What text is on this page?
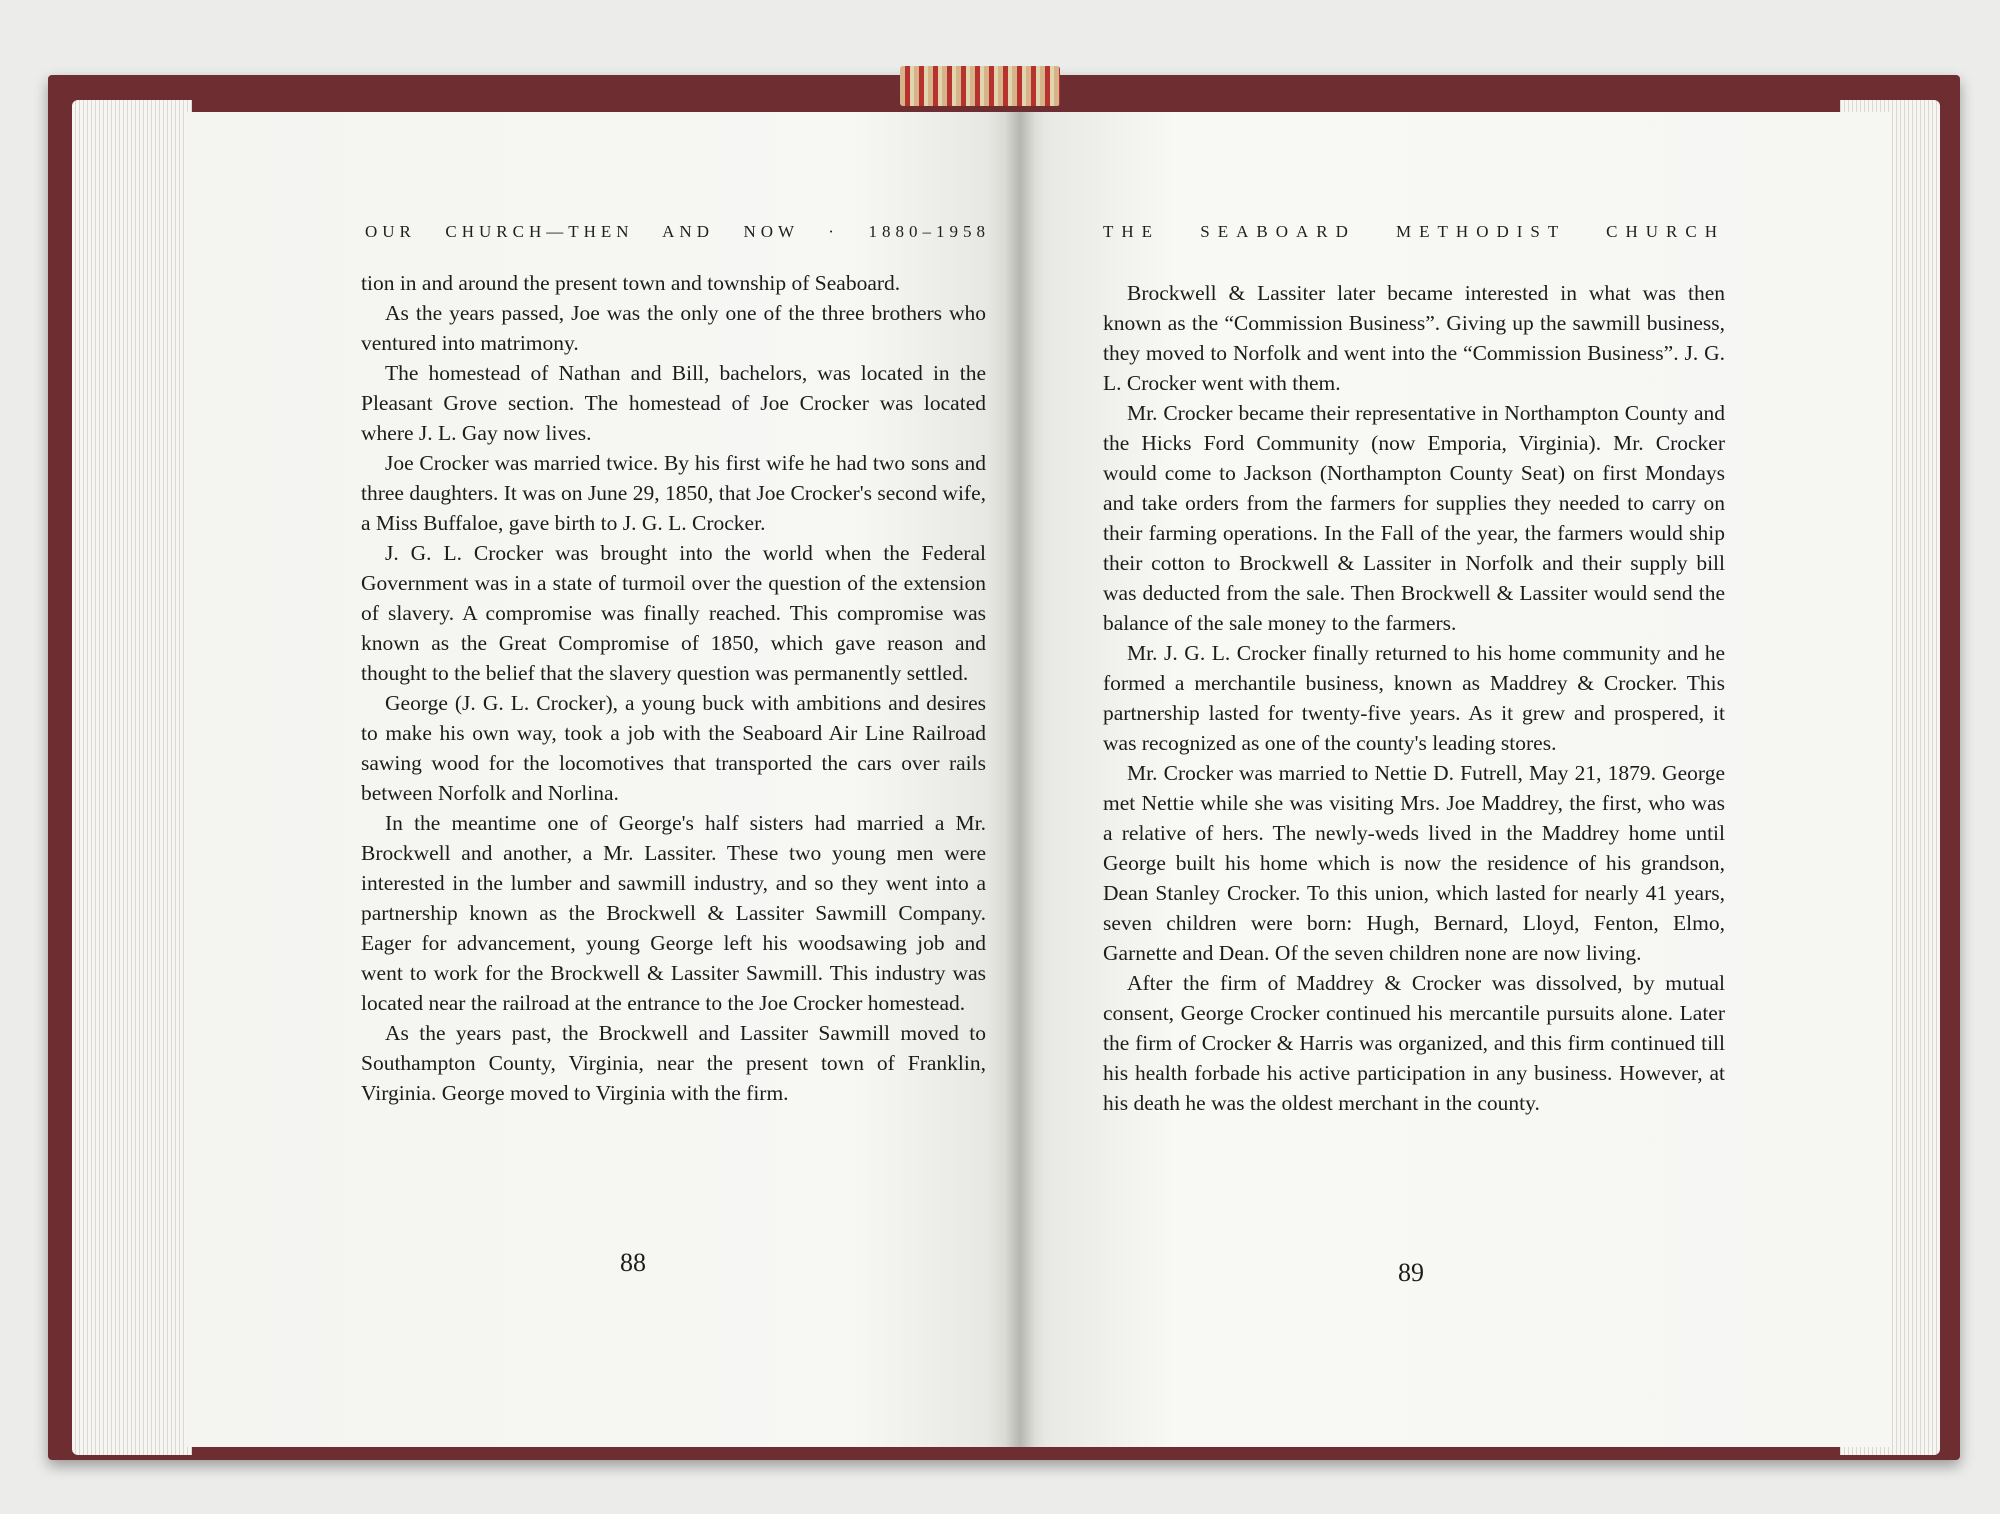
OUR CHURCH—THEN AND NOW · 1880–1958	THE SEABOARD METHODIST CHURCH

tion in and around the present town and township of Seaboard.

As the years passed, Joe was the only one of the three brothers who ventured into matrimony.

The homestead of Nathan and Bill, bachelors, was located in the Pleasant Grove section. The homestead of Joe Crocker was located where J. L. Gay now lives.

Joe Crocker was married twice. By his first wife he had two sons and three daughters. It was on June 29, 1850, that Joe Crocker's second wife, a Miss Buffaloe, gave birth to J. G. L. Crocker.

J. G. L. Crocker was brought into the world when the Federal Government was in a state of turmoil over the question of the extension of slavery. A compromise was finally reached. This compromise was known as the Great Compromise of 1850, which gave reason and thought to the belief that the slavery question was permanently settled.

George (J. G. L. Crocker), a young buck with ambitions and desires to make his own way, took a job with the Seaboard Air Line Railroad sawing wood for the locomotives that transported the cars over rails between Norfolk and Norlina.

In the meantime one of George's half sisters had married a Mr. Brockwell and another, a Mr. Lassiter. These two young men were interested in the lumber and sawmill industry, and so they went into a partnership known as the Brockwell & Lassiter Sawmill Company. Eager for advancement, young George left his woodsawing job and went to work for the Brockwell & Lassiter Sawmill. This industry was located near the railroad at the entrance to the Joe Crocker homestead.

As the years past, the Brockwell and Lassiter Sawmill moved to Southampton County, Virginia, near the present town of Franklin, Virginia. George moved to Virginia with the firm.

Brockwell & Lassiter later became interested in what was then known as the “Commission Business”. Giving up the sawmill business, they moved to Norfolk and went into the “Commission Business”. J. G. L. Crocker went with them.

Mr. Crocker became their representative in Northampton County and the Hicks Ford Community (now Emporia, Virginia). Mr. Crocker would come to Jackson (Northampton County Seat) on first Mondays and take orders from the farmers for supplies they needed to carry on their farming operations. In the Fall of the year, the farmers would ship their cotton to Brockwell & Lassiter in Norfolk and their supply bill was deducted from the sale. Then Brockwell & Lassiter would send the balance of the sale money to the farmers.

Mr. J. G. L. Crocker finally returned to his home community and he formed a merchantile business, known as Maddrey & Crocker. This partnership lasted for twenty-five years. As it grew and prospered, it was recognized as one of the county's leading stores.

Mr. Crocker was married to Nettie D. Futrell, May 21, 1879. George met Nettie while she was visiting Mrs. Joe Maddrey, the first, who was a relative of hers. The newly-weds lived in the Maddrey home until George built his home which is now the residence of his grandson, Dean Stanley Crocker. To this union, which lasted for nearly 41 years, seven children were born: Hugh, Bernard, Lloyd, Fenton, Elmo, Garnette and Dean. Of the seven children none are now living.

After the firm of Maddrey & Crocker was dissolved, by mutual consent, George Crocker continued his mercantile pursuits alone. Later the firm of Crocker & Harris was organized, and this firm continued till his health forbade his active participation in any business. However, at his death he was the oldest merchant in the county.

88	89
